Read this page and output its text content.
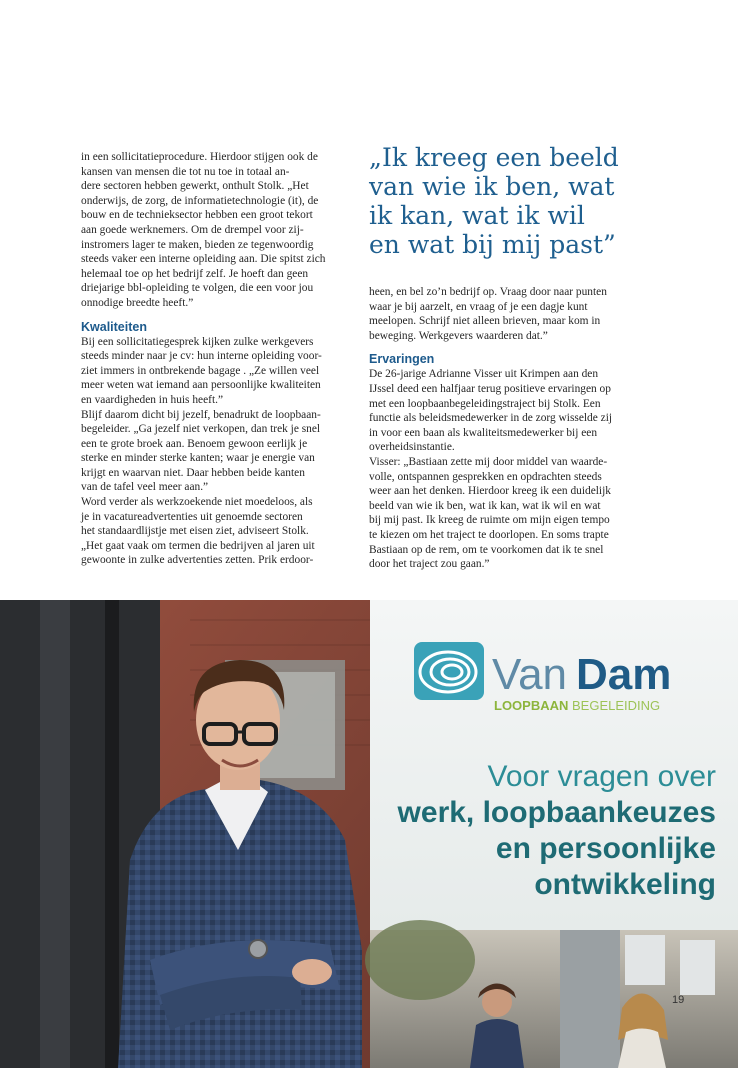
in een sollicitatieprocedure. Hierdoor stijgen ook de

kansen van mensen die tot nu toe in totaal an-

dere sectoren hebben gewerkt, onthult Stolk. „Het

onderwijs, de zorg, de informatietechnologie (it), de

bouw en de technieksector hebben een groot tekort

aan goede werknemers. Om de drempel voor zij-

instromers lager te maken, bieden ze tegenwoordig

steeds vaker een interne opleiding aan. Die spitst zich

helemaal toe op het bedrijf zelf. Je hoeft dan geen

driejarige bbl-opleiding te volgen, die een voor jou

onnodige breedte heeft.”

Kwaliteiten

Bij een sollicitatiegesprek kijken zulke werkgevers

steeds minder naar je cv: hun interne opleiding voor-

ziet immers in ontbrekende bagage . „Ze willen veel

meer weten wat iemand aan persoonlijke kwaliteiten

en vaardigheden in huis heeft.”

Blijf daarom dicht bij jezelf, benadrukt de loopbaan-

begeleider. „Ga jezelf niet verkopen, dan trek je snel

een te grote broek aan. Benoem gewoon eerlijk je

sterke en minder sterke kanten; waar je energie van

krijgt en waarvan niet. Daar hebben beide kanten

van de tafel veel meer aan.”

Word verder als werkzoekende niet moedeloos, als

je in vacatureadvertenties uit genoemde sectoren

het standaardlijstje met eisen ziet, adviseert Stolk.

„Het gaat vaak om termen die bedrijven al jaren uit

gewoonte in zulke advertenties zetten. Prik erdoor-

„Ik kreeg een beeld
van wie ik ben, wat
ik kan, wat ik wil
en wat bij mij past”

heen, en bel zo’n bedrijf op. Vraag door naar punten

waar je bij aarzelt, en vraag of je een dagje kunt

meelopen. Schrijf niet alleen brieven, maar kom in

beweging. Werkgevers waarderen dat.”

Ervaringen

De 26-jarige Adrianne Visser uit Krimpen aan den

IJssel deed een halfjaar terug positieve ervaringen op

met een loopbaanbegeleidingstraject bij Stolk. Een

functie als beleidsmedewerker in de zorg wisselde zij

in voor een baan als kwaliteitsmedewerker bij een

overheidsinstantie.

Visser: „Bastiaan zette mij door middel van waarde-

volle, ontspannen gesprekken en opdrachten steeds

weer aan het denken. Hierdoor kreeg ik een duidelijk

beeld van wie ik ben, wat ik kan, wat ik wil en wat

bij mij past. Ik kreeg de ruimte om mijn eigen tempo

te kiezen om het traject te doorlopen. En soms trapte

Bastiaan op de rem, om te voorkomen dat ik te snel

door het traject zou gaan.”

Van Dam
LOOPBAAN BEGELEIDING
Voor vragen over
werk, loopbaankeuzes
en persoonlijke
ontwikkeling
19
